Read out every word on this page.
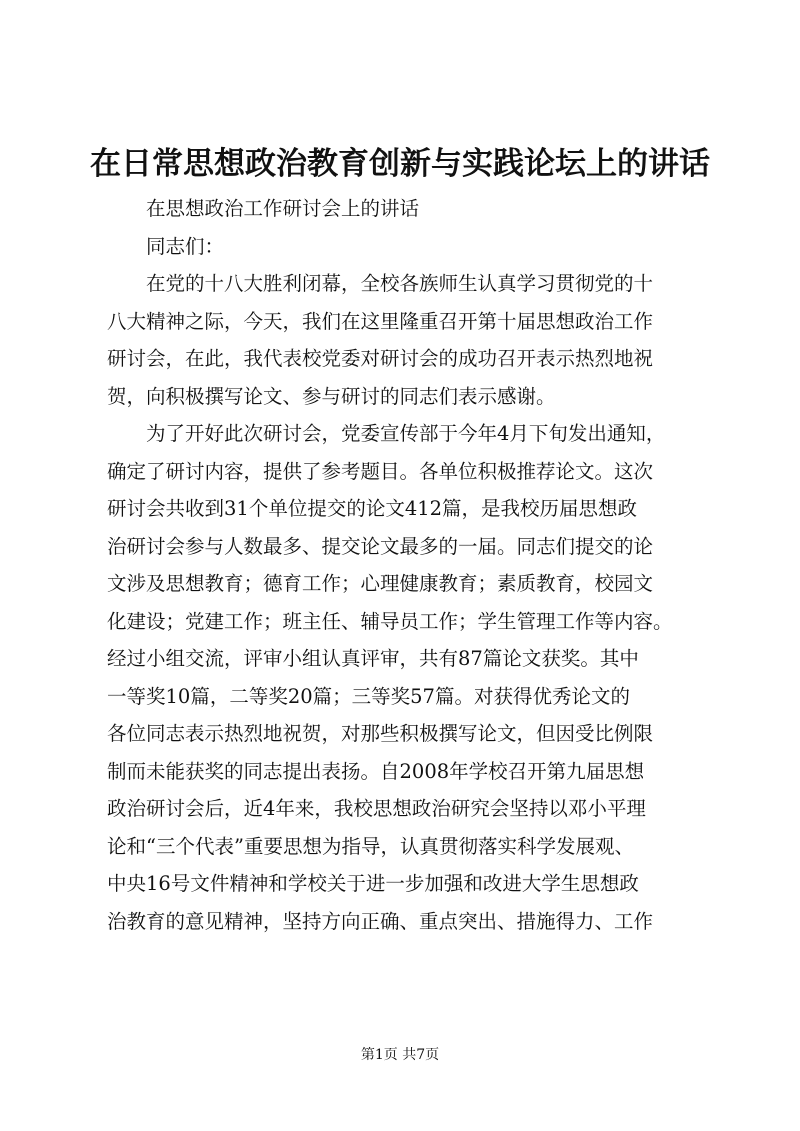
在日常思想政治教育创新与实践论坛上的讲话

在思想政治工作研讨会上的讲话

同志们：

在党的十八大胜利闭幕，全校各族师生认真学习贯彻党的十
八大精神之际，今天，我们在这里隆重召开第十届思想政治工作
研讨会，在此，我代表校党委对研讨会的成功召开表示热烈地祝
贺，向积极撰写论文、参与研讨的同志们表示感谢。

为了开好此次研讨会，党委宣传部于今年4月下旬发出通知，
确定了研讨内容，提供了参考题目。各单位积极推荐论文。这次
研讨会共收到31个单位提交的论文412篇，是我校历届思想政
治研讨会参与人数最多、提交论文最多的一届。同志们提交的论
文涉及思想教育；德育工作；心理健康教育；素质教育，校园文
化建设；党建工作；班主任、辅导员工作；学生管理工作等内容。
经过小组交流，评审小组认真评审，共有87篇论文获奖。其中
一等奖10篇，二等奖20篇；三等奖57篇。对获得优秀论文的
各位同志表示热烈地祝贺，对那些积极撰写论文，但因受比例限
制而未能获奖的同志提出表扬。自2008年学校召开第九届思想
政治研讨会后，近4年来，我校思想政治研究会坚持以邓小平理
论和“三个代表”重要思想为指导，认真贯彻落实科学发展观、
中央16号文件精神和学校关于进一步加强和改进大学生思想政
治教育的意见精神，坚持方向正确、重点突出、措施得力、工作

第1页 共7页
